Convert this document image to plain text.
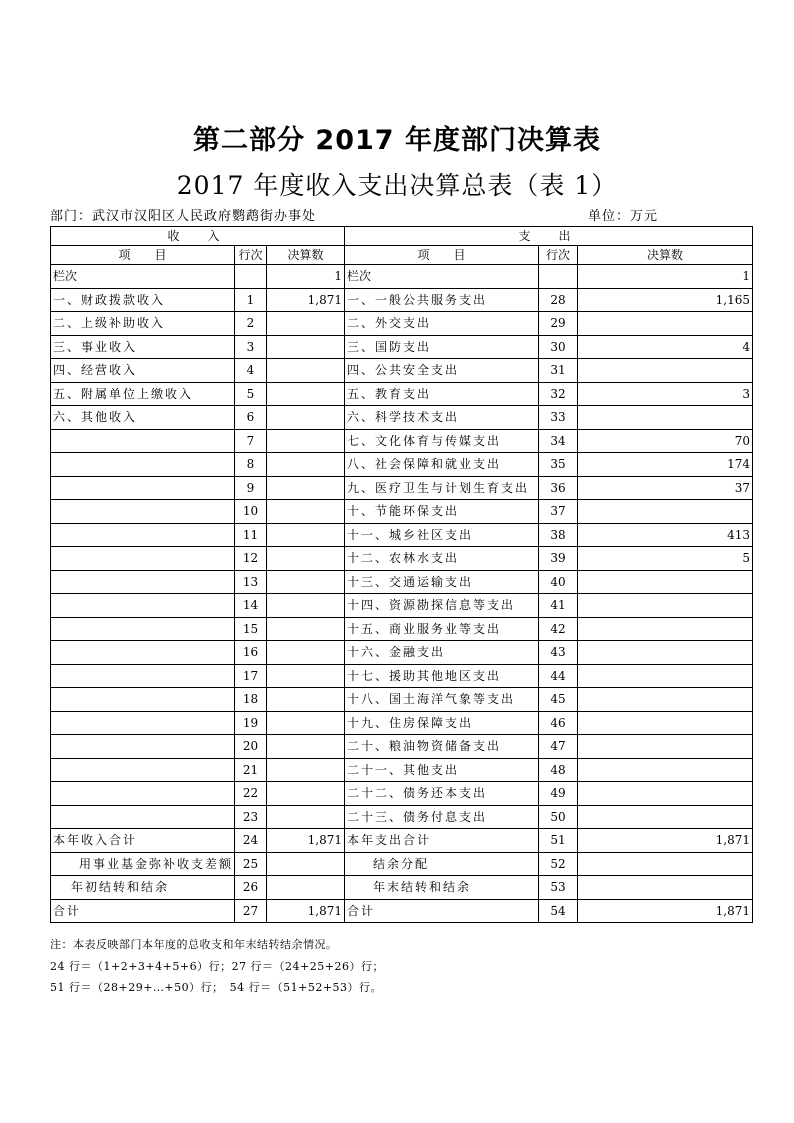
第二部分 2017 年度部门决算表
2017 年度收入支出决算总表（表 1）
部门：武汉市汉阳区人民政府鹦鹉街办事处	单位：万元
收　入			支　出		
项　　目	行次	决算数	项　　目	行次	决算数
栏次		1	栏次		1
一、财政拨款收入	1	1,871	一、一般公共服务支出	28	1,165
二、上级补助收入	2		二、外交支出	29	
三、事业收入	3		三、国防支出	30	4
四、经营收入	4		四、公共安全支出	31	
五、附属单位上缴收入	5		五、教育支出	32	3
六、其他收入	6		六、科学技术支出	33	
	7		七、文化体育与传媒支出	34	70
	8		八、社会保障和就业支出	35	174
	9		九、医疗卫生与计划生育支出	36	37
	10		十、节能环保支出	37	
	11		十一、城乡社区支出	38	413
	12		十二、农林水支出	39	5
	13		十三、交通运输支出	40	
	14		十四、资源勘探信息等支出	41	
	15		十五、商业服务业等支出	42	
	16		十六、金融支出	43	
	17		十七、援助其他地区支出	44	
	18		十八、国土海洋气象等支出	45	
	19		十九、住房保障支出	46	
	20		二十、粮油物资储备支出	47	
	21		二十一、其他支出	48	
	22		二十二、债务还本支出	49	
	23		二十三、债务付息支出	50	
本年收入合计	24	1,871	本年支出合计	51	1,871
用事业基金弥补收支差额	25		结余分配	52	
年初结转和结余	26		年末结转和结余	53	
合计	27	1,871	合计	54	1,871
注：本表反映部门本年度的总收支和年末结转结余情况。
24 行＝（1+2+3+4+5+6）行；27 行＝（24+25+26）行；
51 行＝（28+29+…+50）行；　54 行＝（51+52+53）行。
